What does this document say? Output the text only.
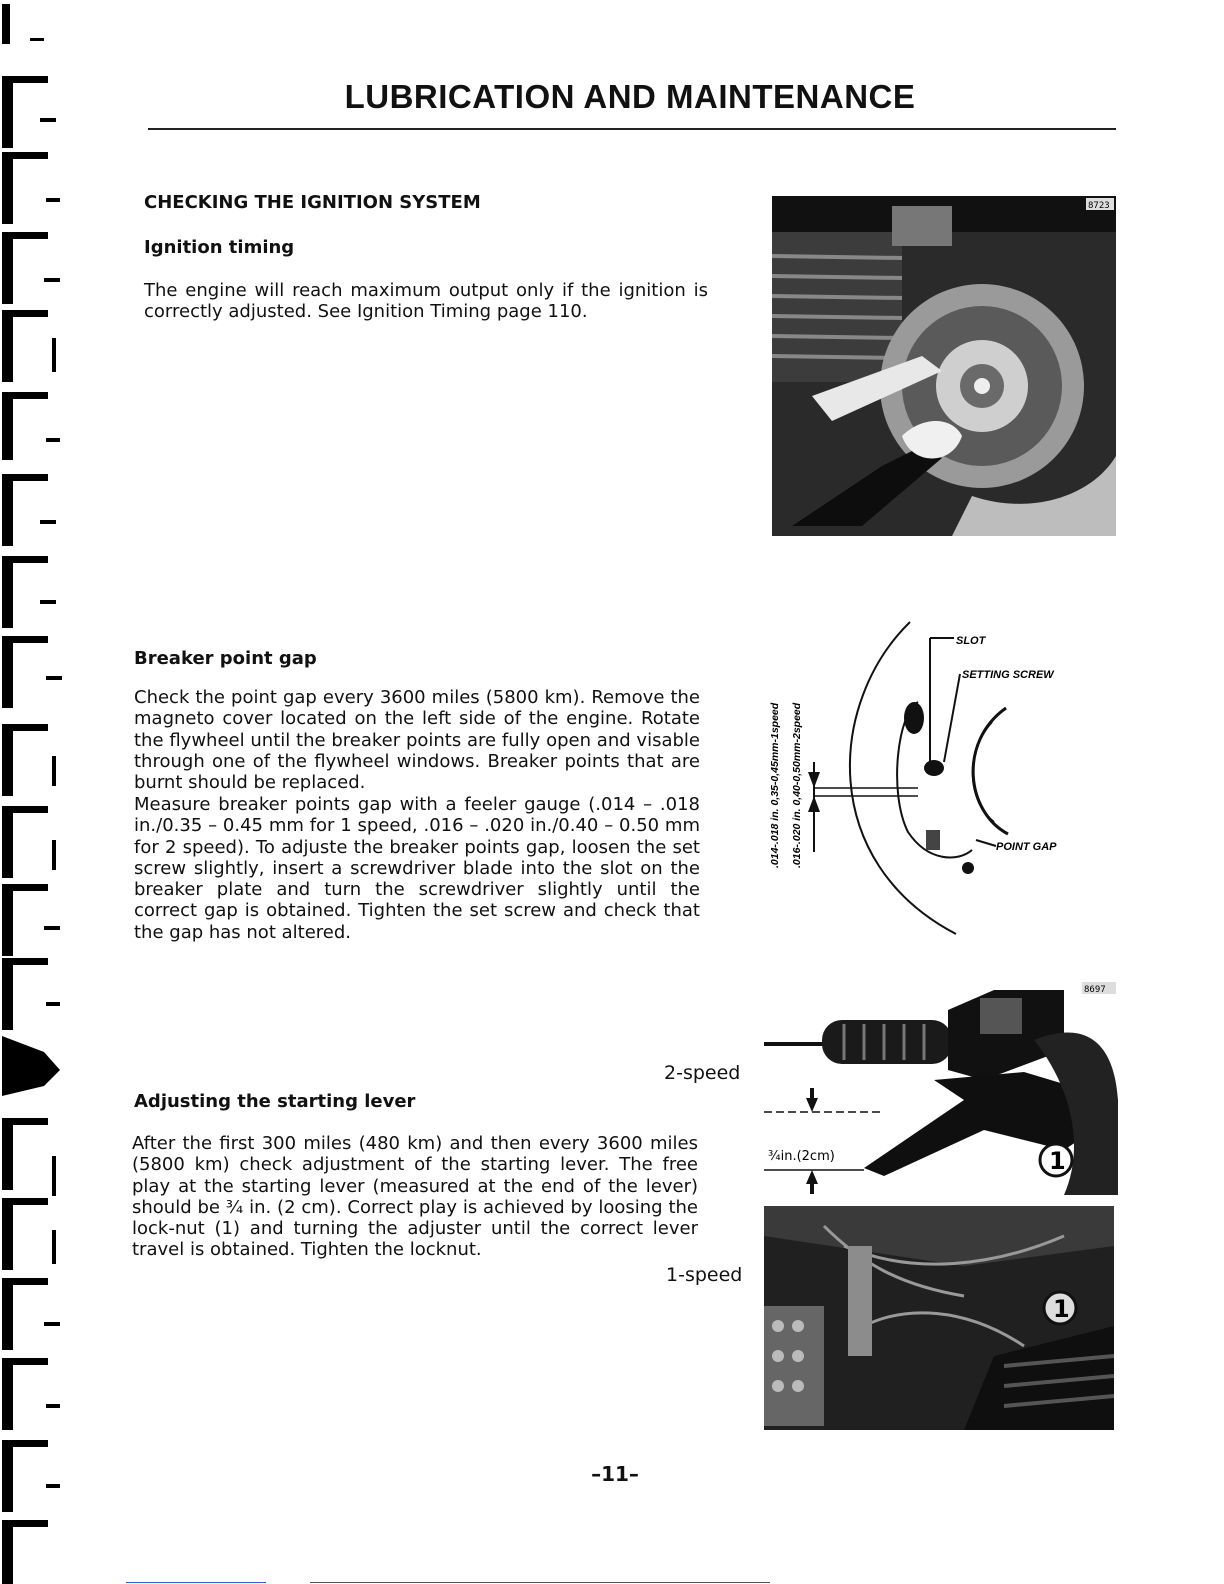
LUBRICATION AND MAINTENANCE
CHECKING THE IGNITION SYSTEM
Ignition timing

The engine will reach maximum output only if the ignition is correctly adjusted. See Ignition Timing page 110.

8723
Breaker point gap

Check the point gap every 3600 miles (5800 km). Remove the magneto cover located on the left side of the engine. Rotate the flywheel until the breaker points are fully open and visable through one of the flywheel windows. Breaker points that are burnt should be replaced.

Measure breaker points gap with a feeler gauge (.014 – .018 in./0.35 – 0.45 mm for 1 speed, .016 – .020 in./0.40 – 0.50 mm for 2 speed). To adjuste the breaker points gap, loosen the set screw slightly, insert a screwdriver blade into the slot on the breaker plate and turn the screwdriver slightly until the correct gap is obtained. Tighten the set screw and check that the gap has not altered.

SLOT
SETTING SCREW
POINT GAP
.014-.018 in. 0,35-0,45mm-1speed .016-.020 in. 0,40-0,50mm-2speed
2-speed
Adjusting the starting lever

After the first 300 miles (480 km) and then every 3600 miles (5800 km) check adjustment of the starting lever. The free play at the starting lever (measured at the end of the lever) should be ¾ in. (2 cm). Correct play is achieved by loosing the lock-nut (1) and turning the adjuster until the correct lever travel is obtained. Tighten the locknut.

1-speed
¾in.(2cm)	1
8697
1
–11–
